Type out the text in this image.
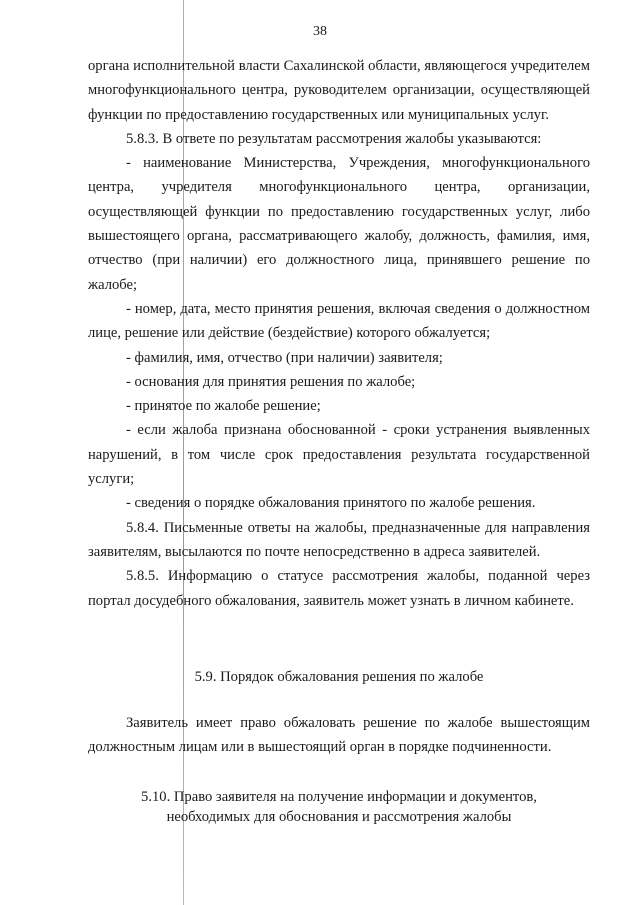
38

органа исполнительной власти Сахалинской области, являющегося учредителем многофункционального центра, руководителем организации, осуществляющей функции по предоставлению государственных или муниципальных услуг.

5.8.3. В ответе по результатам рассмотрения жалобы указываются:

- наименование Министерства, Учреждения, многофункционального центра, учредителя многофункционального центра, организации, осуществляющей функции по предоставлению государственных услуг, либо вышестоящего органа, рассматривающего жалобу, должность, фамилия, имя, отчество (при наличии) его должностного лица, принявшего решение по жалобе;

- номер, дата, место принятия решения, включая сведения о должностном лице, решение или действие (бездействие) которого обжалуется;

- фамилия, имя, отчество (при наличии) заявителя;

- основания для принятия решения по жалобе;

- принятое по жалобе решение;

- если жалоба признана обоснованной - сроки устранения выявленных нарушений, в том числе срок предоставления результата государственной услуги;

- сведения о порядке обжалования принятого по жалобе решения.

5.8.4. Письменные ответы на жалобы, предназначенные для направления заявителям, высылаются по почте непосредственно в адреса заявителей.

5.8.5. Информацию о статусе рассмотрения жалобы, поданной через портал досудебного обжалования, заявитель может узнать в личном кабинете.

5.9. Порядок обжалования решения по жалобе

Заявитель имеет право обжаловать решение по жалобе вышестоящим должностным лицам или в вышестоящий орган в порядке подчиненности.

5.10. Право заявителя на получение информации и документов,

необходимых для обоснования и рассмотрения жалобы
